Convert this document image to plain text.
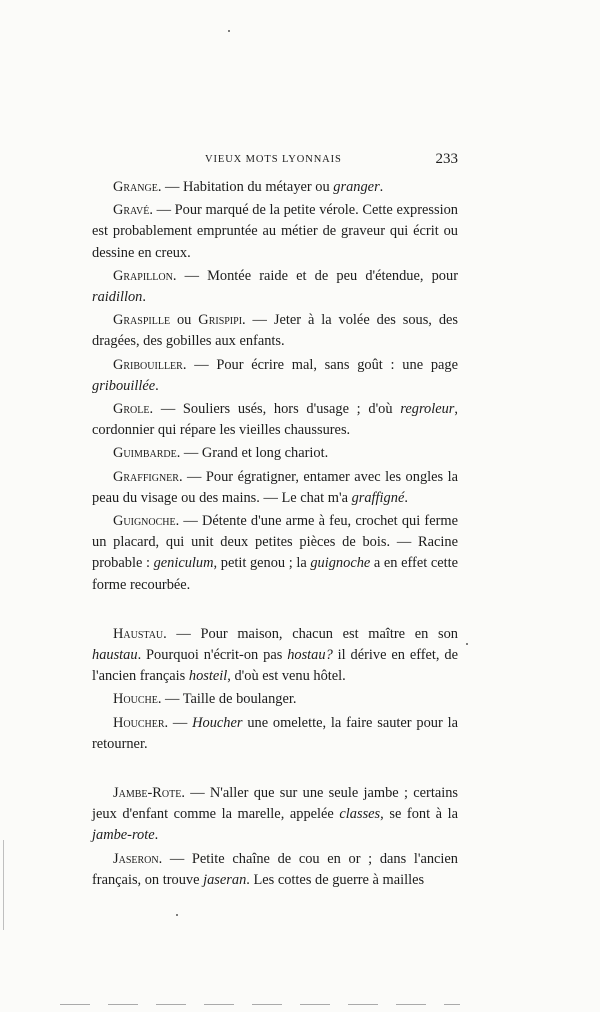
VIEUX MOTS LYONNAIS	233

Grange. — Habitation du métayer ou granger.

Gravé. — Pour marqué de la petite vérole. Cette expression est probablement empruntée au métier de graveur qui écrit ou dessine en creux.

Grapillon. — Montée raide et de peu d'étendue, pour raidillon.

Graspille ou Grispipi. — Jeter à la volée des sous, des dragées, des gobilles aux enfants.

Gribouiller. — Pour écrire mal, sans goût : une page gribouillée.

Grole. — Souliers usés, hors d'usage ; d'où regroleur, cordonnier qui répare les vieilles chaussures.

Guimbarde. — Grand et long chariot.

Graffigner. — Pour égratigner, entamer avec les ongles la peau du visage ou des mains. — Le chat m'a graffigné.

Guignoche. — Détente d'une arme à feu, crochet qui ferme un placard, qui unit deux petites pièces de bois. — Racine probable : geniculum, petit genou ; la guignoche a en effet cette forme recourbée.

Haustau. — Pour maison, chacun est maître en son haustau. Pourquoi n'écrit-on pas hostau? il dérive en effet, de l'ancien français hosteil, d'où est venu hôtel.

Houche. — Taille de boulanger.

Houcher. — Houcher une omelette, la faire sauter pour la retourner.

Jambe-Rote. — N'aller que sur une seule jambe ; certains jeux d'enfant comme la marelle, appelée classes, se font à la jambe-rote.

Jaseron. — Petite chaîne de cou en or ; dans l'ancien français, on trouve jaseran. Les cottes de guerre à mailles
